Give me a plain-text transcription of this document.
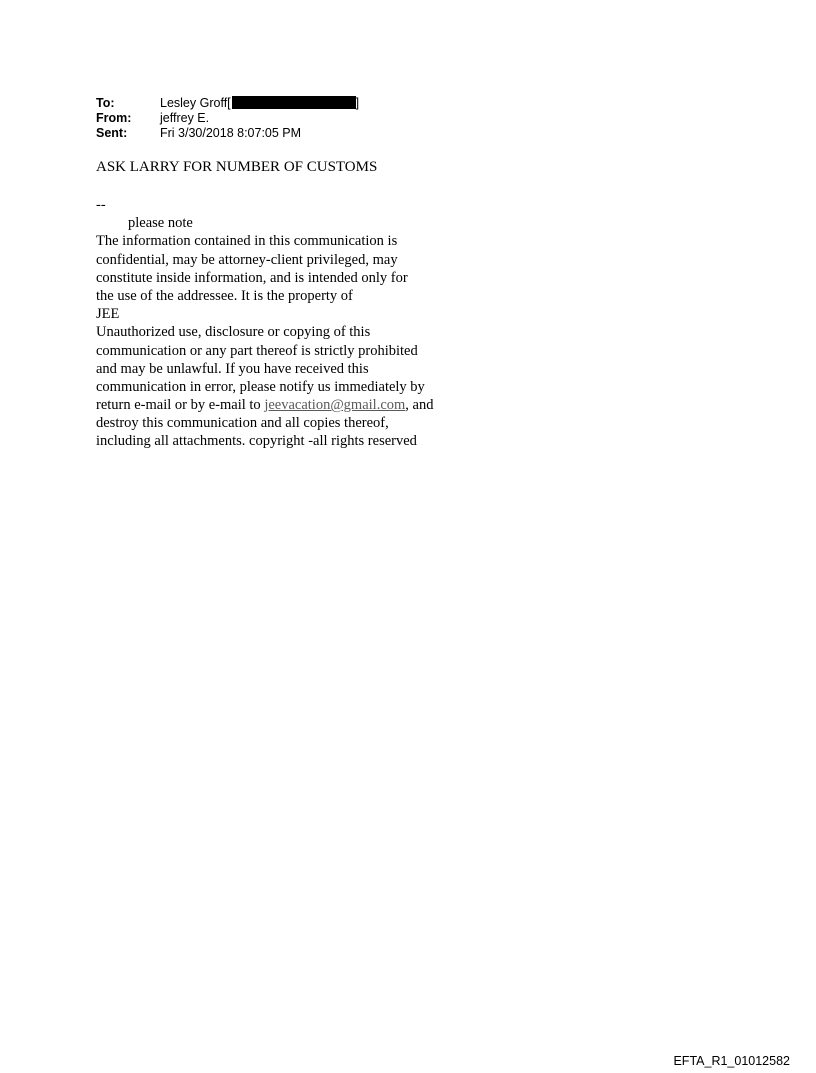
To:	Lesley Groff[	]
From:	jeffrey E.
Sent:	Fri 3/30/2018 8:07:05 PM
ASK LARRY FOR NUMBER OF CUSTOMS
--
please note
The information contained in this communication is
confidential, may be attorney-client privileged, may
constitute inside information, and is intended only for
the use of the addressee. It is the property of
JEE
Unauthorized use, disclosure or copying of this
communication or any part thereof is strictly prohibited
and may be unlawful. If you have received this
communication in error, please notify us immediately by
return e-mail or by e-mail to jeevacation@gmail.com, and
destroy this communication and all copies thereof,
including all attachments. copyright -all rights reserved
EFTA_R1_01012582
